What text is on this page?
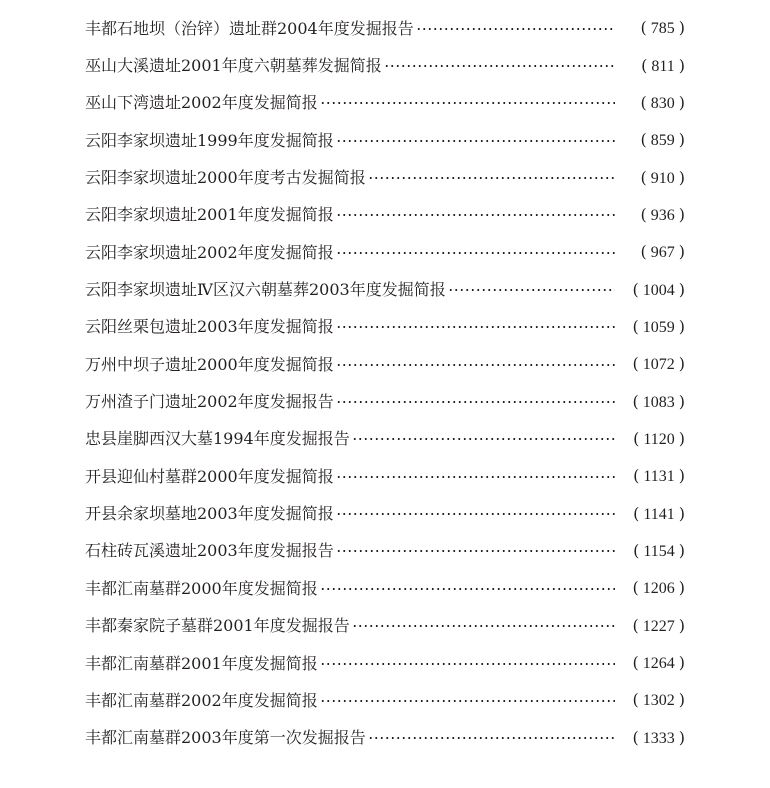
丰都石地坝（治锌）遗址群2004年度发掘报告	( 785 )
巫山大溪遗址2001年度六朝墓葬发掘简报	( 811 )
巫山下湾遗址2002年度发掘简报	( 830 )
云阳李家坝遗址1999年度发掘简报	( 859 )
云阳李家坝遗址2000年度考古发掘简报	( 910 )
云阳李家坝遗址2001年度发掘简报	( 936 )
云阳李家坝遗址2002年度发掘简报	( 967 )
云阳李家坝遗址Ⅳ区汉六朝墓葬2003年度发掘简报	( 1004 )
云阳丝栗包遗址2003年度发掘简报	( 1059 )
万州中坝子遗址2000年度发掘简报	( 1072 )
万州渣子门遗址2002年度发掘报告	( 1083 )
忠县崖脚西汉大墓1994年度发掘报告	( 1120 )
开县迎仙村墓群2000年度发掘简报	( 1131 )
开县余家坝墓地2003年度发掘简报	( 1141 )
石柱砖瓦溪遗址2003年度发掘报告	( 1154 )
丰都汇南墓群2000年度发掘简报	( 1206 )
丰都秦家院子墓群2001年度发掘报告	( 1227 )
丰都汇南墓群2001年度发掘简报	( 1264 )
丰都汇南墓群2002年度发掘简报	( 1302 )
丰都汇南墓群2003年度第一次发掘报告	( 1333 )
